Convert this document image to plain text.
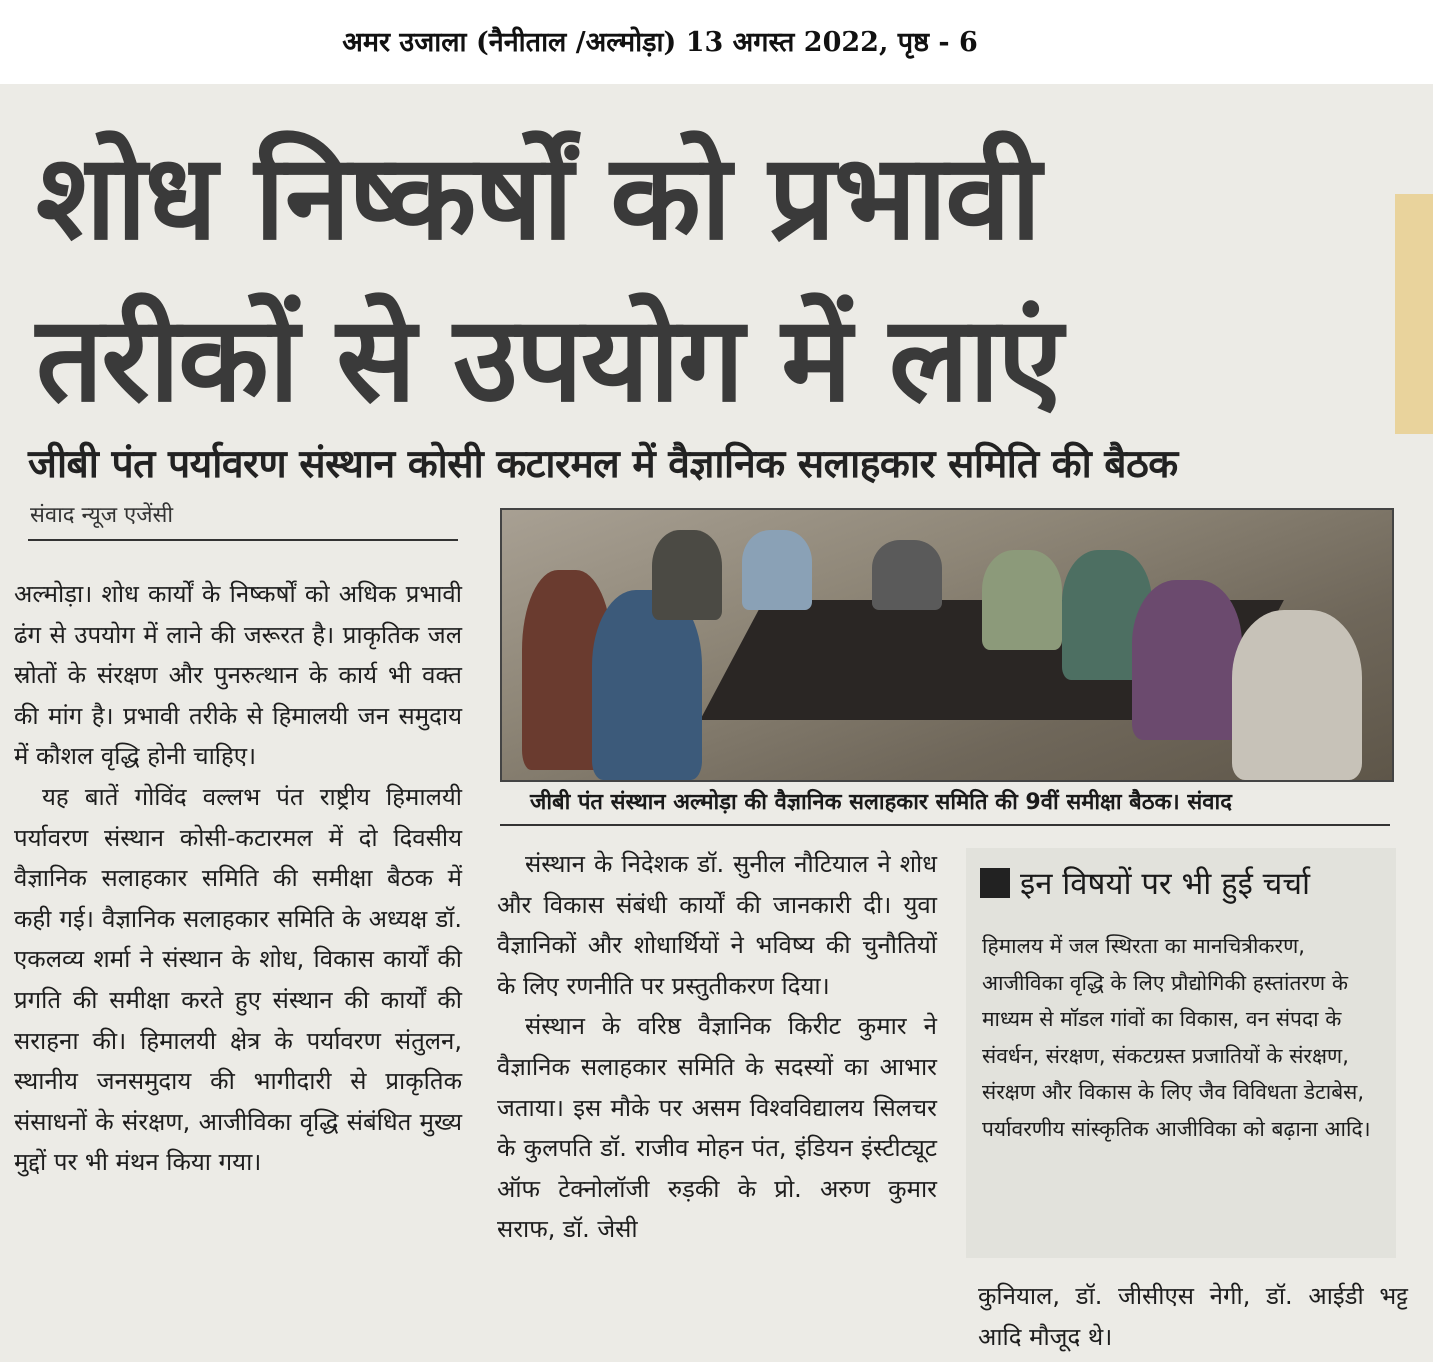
अमर उजाला (नैनीताल /अल्मोड़ा) 13 अगस्त 2022, पृष्ठ - 6
शोध निष्कर्षों को प्रभावी
तरीकों से उपयोग में लाएं
जीबी पंत पर्यावरण संस्थान कोसी कटारमल में वैज्ञानिक सलाहकार समिति की बैठक
संवाद न्यूज एजेंसी

अल्मोड़ा। शोध कार्यों के निष्कर्षों को अधिक प्रभावी ढंग से उपयोग में लाने की जरूरत है। प्राकृतिक जल स्रोतों के संरक्षण और पुनरुत्थान के कार्य भी वक्त की मांग है। प्रभावी तरीके से हिमालयी जन समुदाय में कौशल वृद्धि होनी चाहिए।

यह बातें गोविंद वल्लभ पंत राष्ट्रीय हिमालयी पर्यावरण संस्थान कोसी-कटारमल में दो दिवसीय वैज्ञानिक सलाहकार समिति की समीक्षा बैठक में कही गई। वैज्ञानिक सलाहकार समिति के अध्यक्ष डॉ. एकलव्य शर्मा ने संस्थान के शोध, विकास कार्यों की प्रगति की समीक्षा करते हुए संस्थान की कार्यों की सराहना की। हिमालयी क्षेत्र के पर्यावरण संतुलन, स्थानीय जनसमुदाय की भागीदारी से प्राकृतिक संसाधनों के संरक्षण, आजीविका वृद्धि संबंधित मुख्य मुद्दों पर भी मंथन किया गया।

जीबी पंत संस्थान अल्मोड़ा की वैज्ञानिक सलाहकार समिति की 9वीं समीक्षा बैठक। संवाद

संस्थान के निदेशक डॉ. सुनील नौटियाल ने शोध और विकास संबंधी कार्यों की जानकारी दी। युवा वैज्ञानिकों और शोधार्थियों ने भविष्य की चुनौतियों के लिए रणनीति पर प्रस्तुतीकरण दिया।

संस्थान के वरिष्ठ वैज्ञानिक किरीट कुमार ने वैज्ञानिक सलाहकार समिति के सदस्यों का आभार जताया। इस मौके पर असम विश्वविद्यालय सिलचर के कुलपति डॉ. राजीव मोहन पंत, इंडियन इंस्टीट्यूट ऑफ टेक्नोलॉजी रुड़की के प्रो. अरुण कुमार सराफ, डॉ. जेसी

इन विषयों पर भी हुई चर्चा
हिमालय में जल स्थिरता का मानचित्रीकरण, आजीविका वृद्धि के लिए प्रौद्योगिकी हस्तांतरण के माध्यम से मॉडल गांवों का विकास, वन संपदा के संवर्धन, संरक्षण, संकटग्रस्त प्रजातियों के संरक्षण, संरक्षण और विकास के लिए जैव विविधता डेटाबेस, पर्यावरणीय सांस्कृतिक आजीविका को बढ़ाना आदि।

कुनियाल, डॉ. जीसीएस नेगी, डॉ. आईडी भट्ट आदि मौजूद थे।
